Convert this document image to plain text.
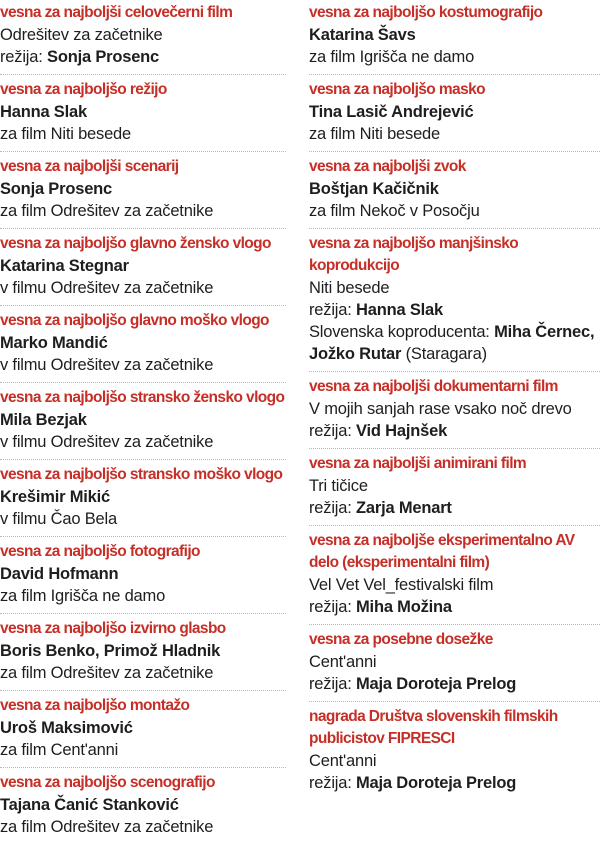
vesna za najboljši celovečerni film
Odrešitev za začetnike
režija: Sonja Prosenc
vesna za najboljšo režijo
Hanna Slak
za film Niti besede
vesna za najboljši scenarij
Sonja Prosenc
za film Odrešitev za začetnike
vesna za najboljšo glavno žensko vlogo
Katarina Stegnar
v filmu Odrešitev za začetnike
vesna za najboljšo glavno moško vlogo
Marko Mandić
v filmu Odrešitev za začetnike
vesna za najboljšo stransko žensko vlogo
Mila Bezjak
v filmu Odrešitev za začetnike
vesna za najboljšo stransko moško vlogo
Krešimir Mikić
v filmu Čao Bela
vesna za najboljšo fotografijo
David Hofmann
za film Igrišča ne damo
vesna za najboljšo izvirno glasbo
Boris Benko, Primož Hladnik
za film Odrešitev za začetnike
vesna za najboljšo montažo
Uroš Maksimović
za film Cent'anni
vesna za najboljšo scenografijo
Tajana Čanić Stanković
za film Odrešitev za začetnike
vesna za najboljšo kostumografijo
Katarina Šavs
za film Igrišča ne damo
vesna za najboljšo masko
Tina Lasič Andrejević
za film Niti besede
vesna za najboljši zvok
Boštjan Kačičnik
za film Nekoč v Posočju
vesna za najboljšo manjšinsko koprodukcijo
Niti besede
režija: Hanna Slak
Slovenska koproducenta: Miha Černec, Jožko Rutar (Staragara)
vesna za najboljši dokumentarni film
V mojih sanjah rase vsako noč drevo
režija: Vid Hajnšek
vesna za najboljši animirani film
Tri tičice
režija: Zarja Menart
vesna za najboljše eksperimentalno AV delo (eksperimentalni film)
Vel Vet Vel_festivalski film
režija: Miha Možina
vesna za posebne dosežke
Cent'anni
režija: Maja Doroteja Prelog
nagrada Društva slovenskih filmskih publicistov FIPRESCI
Cent'anni
režija: Maja Doroteja Prelog
